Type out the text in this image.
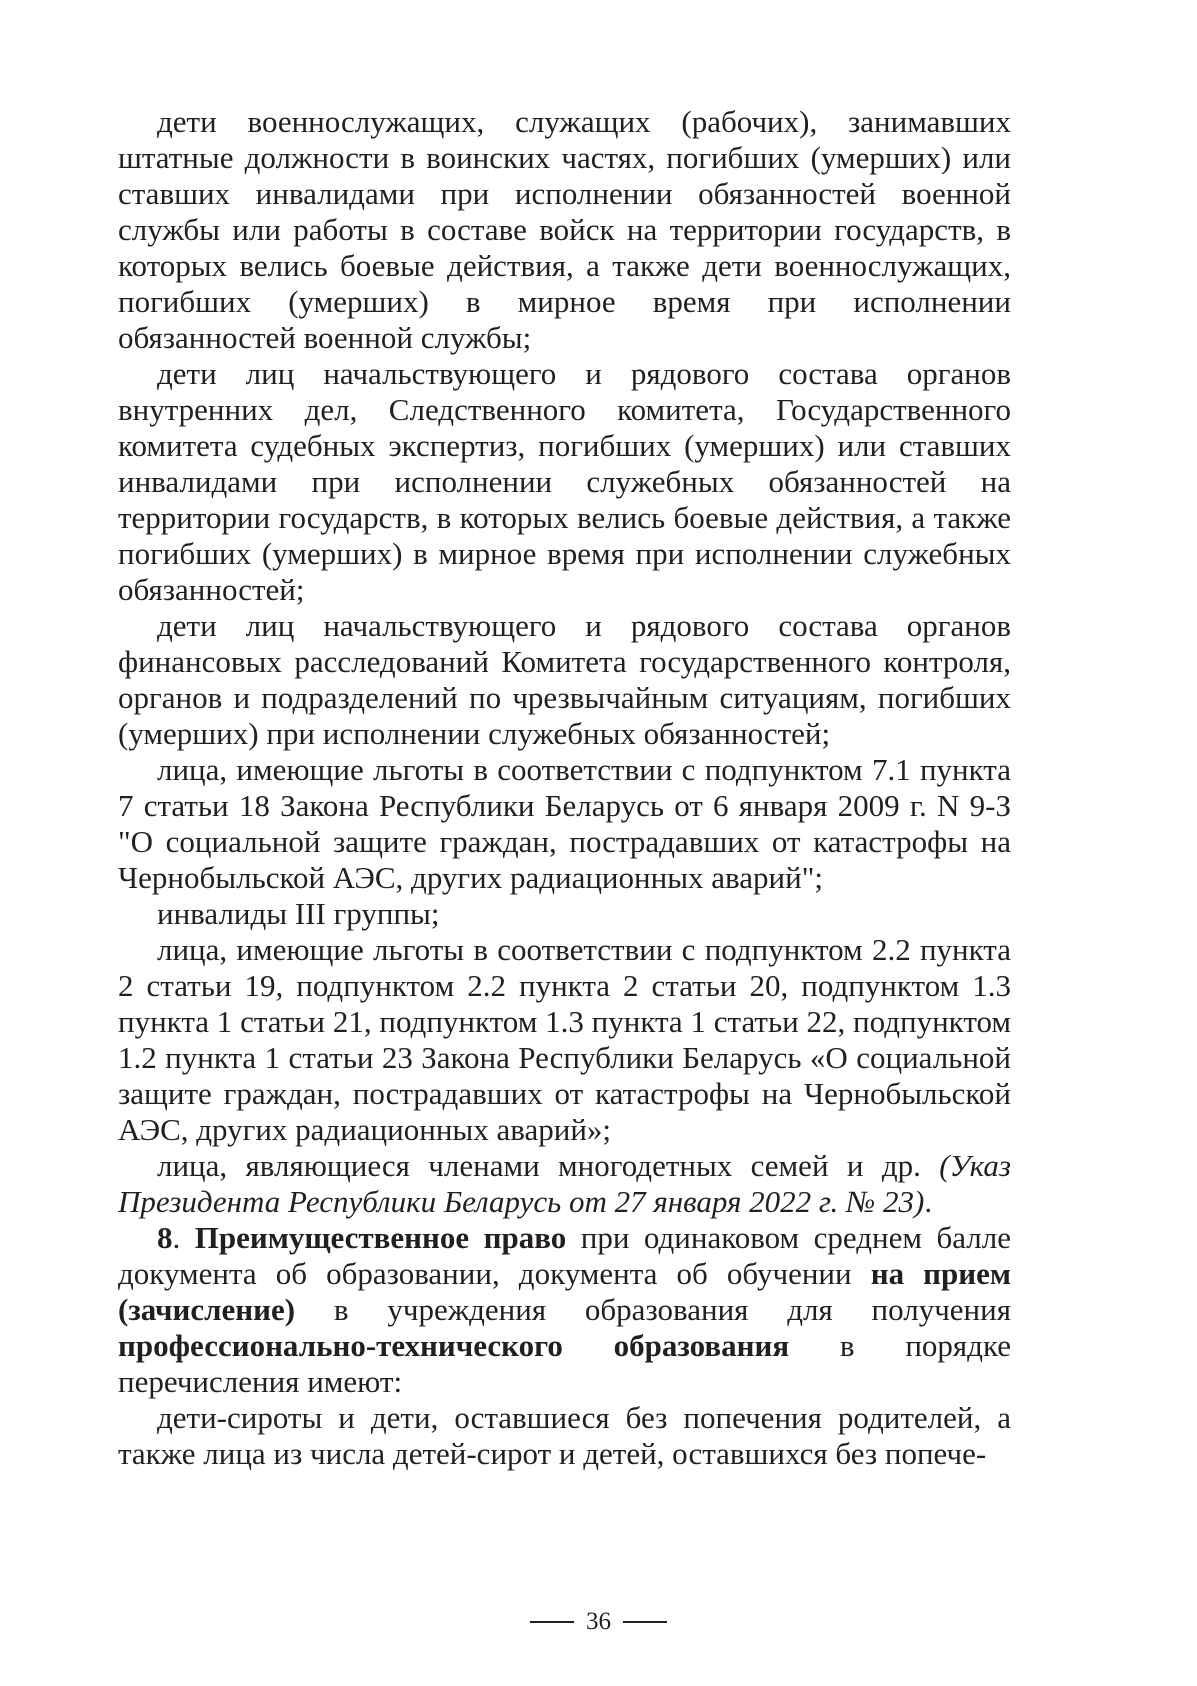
дети военнослужащих, служащих (рабочих), занимавших штатные должности в воинских частях, погибших (умерших) или ставших инвалидами при исполнении обязанностей военной службы или работы в составе войск на территории государств, в которых велись боевые действия, а также дети военнослужащих, погибших (умерших) в мирное время при исполнении обязанностей военной службы;

дети лиц начальствующего и рядового состава органов внутренних дел, Следственного комитета, Государственного комитета судебных экспертиз, погибших (умерших) или ставших инвалидами при исполнении служебных обязанностей на территории государств, в которых велись боевые действия, а также погибших (умерших) в мирное время при исполнении служебных обязанностей;

дети лиц начальствующего и рядового состава органов финансовых расследований Комитета государственного контроля, органов и подразделений по чрезвычайным ситуациям, погибших (умерших) при исполнении служебных обязанностей;

лица, имеющие льготы в соответствии с подпунктом 7.1 пункта 7 статьи 18 Закона Республики Беларусь от 6 января 2009 г. N 9-З "О социальной защите граждан, пострадавших от катастрофы на Чернобыльской АЭС, других радиационных аварий";

инвалиды III группы;

лица, имеющие льготы в соответствии с подпунктом 2.2 пункта 2 статьи 19, подпунктом 2.2 пункта 2 статьи 20, подпунктом 1.3 пункта 1 статьи 21, подпунктом 1.3 пункта 1 статьи 22, подпунктом 1.2 пункта 1 статьи 23 Закона Республики Беларусь «О социальной защите граждан, пострадавших от катастрофы на Чернобыльской АЭС, других радиационных аварий»;

лица, являющиеся членами многодетных семей и др. (Указ Президента Республики Беларусь от 27 января 2022 г. № 23).

8. Преимущественное право при одинаковом среднем балле документа об образовании, документа об обучении на прием (зачисление) в учреждения образования для получения профессионально-технического образования в порядке перечисления имеют:

дети-сироты и дети, оставшиеся без попечения родителей, а также лица из числа детей-сирот и детей, оставшихся без попече-

36
